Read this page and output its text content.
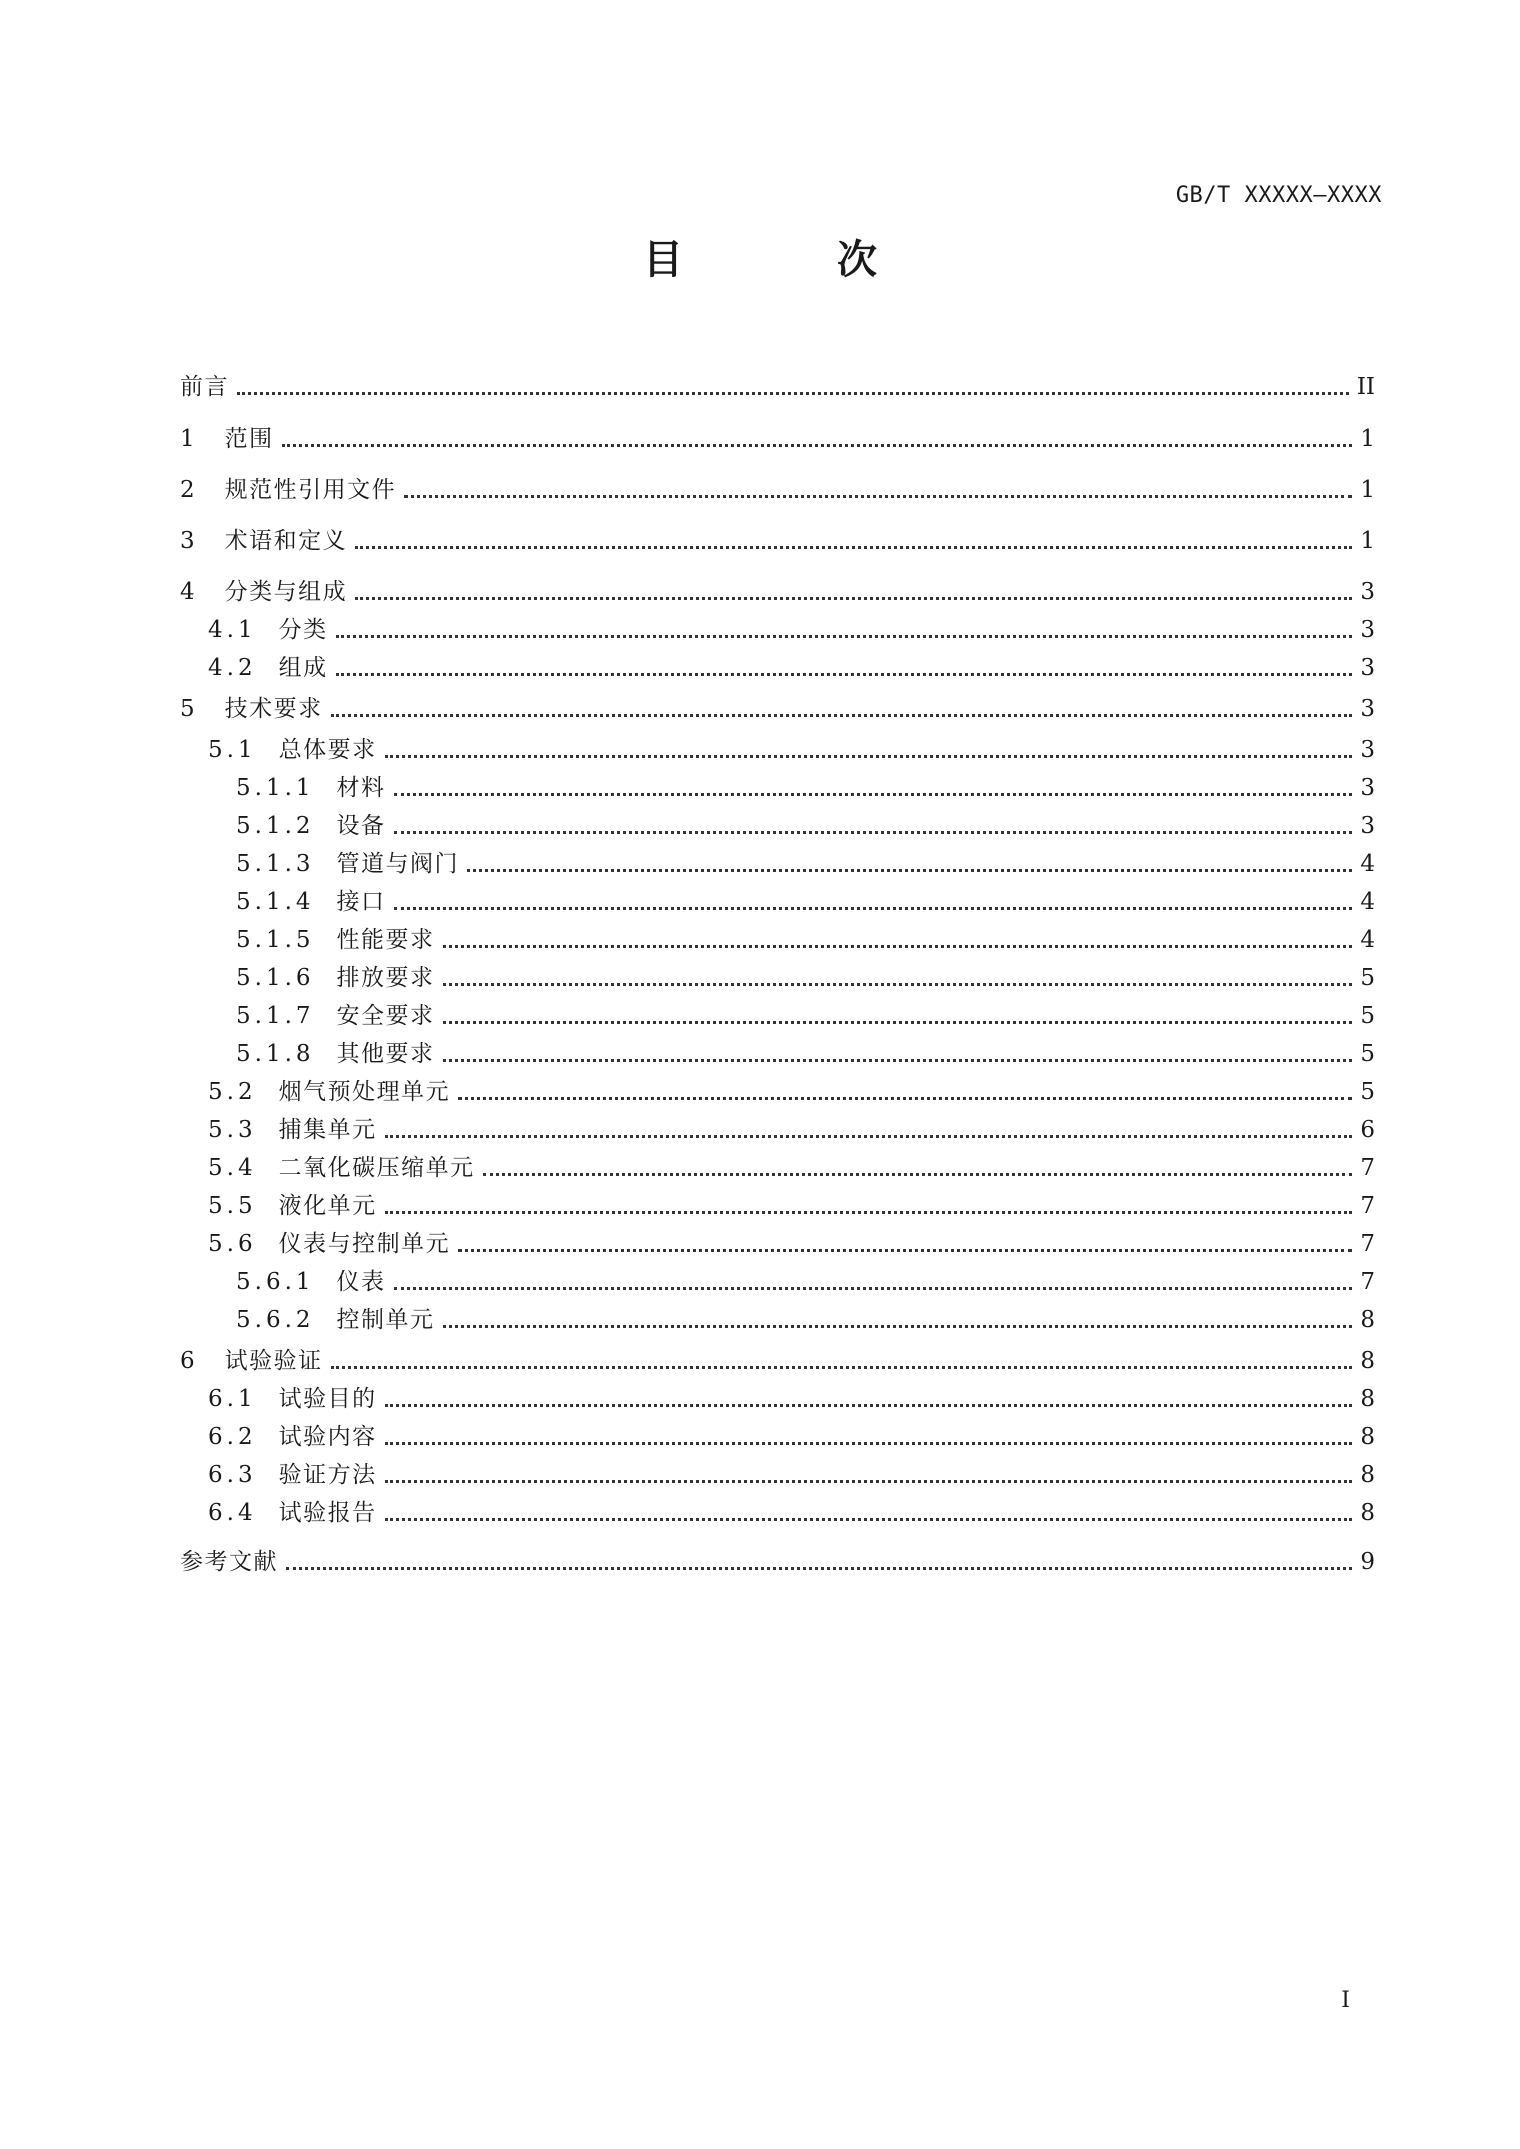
GB/T XXXXX—XXXX
目 次
前言	II
1 范围	1
2 规范性引用文件	1
3 术语和定义	1
4 分类与组成	3
4.1 分类	3
4.2 组成	3
5 技术要求	3
5.1 总体要求	3
5.1.1 材料	3
5.1.2 设备	3
5.1.3 管道与阀门	4
5.1.4 接口	4
5.1.5 性能要求	4
5.1.6 排放要求	5
5.1.7 安全要求	5
5.1.8 其他要求	5
5.2 烟气预处理单元	5
5.3 捕集单元	6
5.4 二氧化碳压缩单元	7
5.5 液化单元	7
5.6 仪表与控制单元	7
5.6.1 仪表	7
5.6.2 控制单元	8
6 试验验证	8
6.1 试验目的	8
6.2 试验内容	8
6.3 验证方法	8
6.4 试验报告	8
参考文献	9
I
